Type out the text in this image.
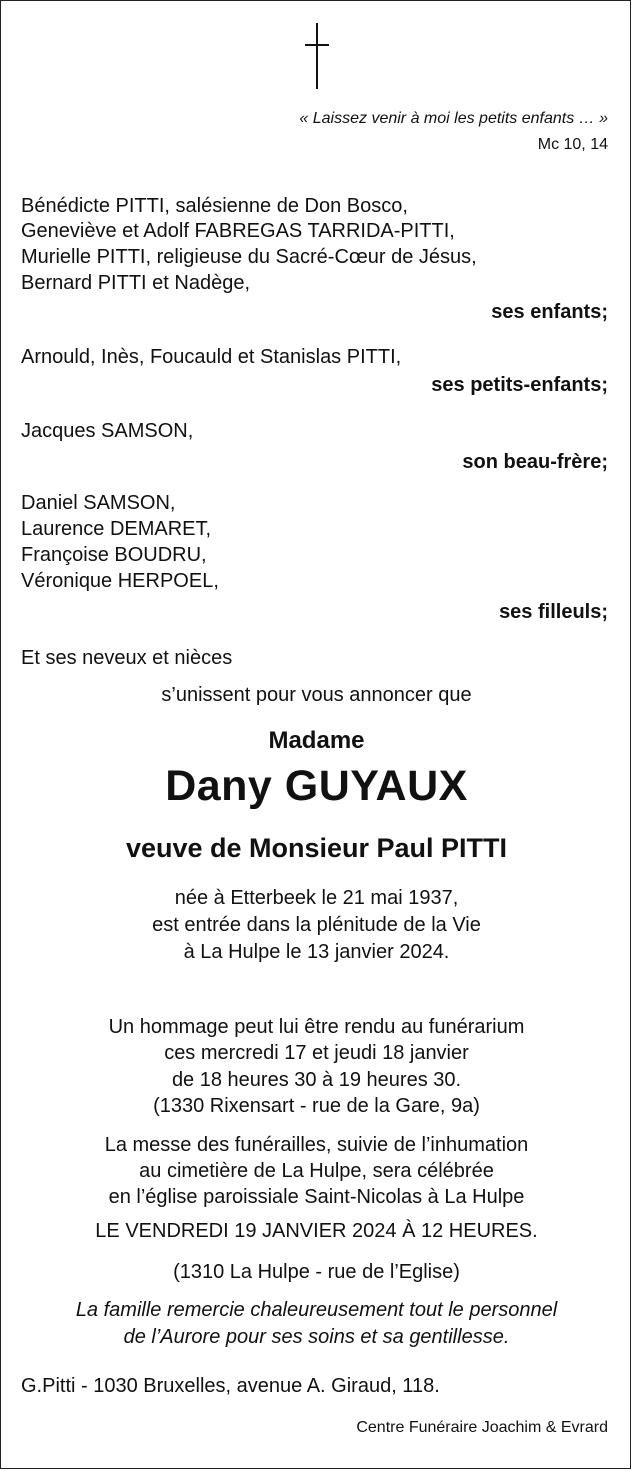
« Laissez venir à moi les petits enfants … »
Mc 10, 14
Bénédicte PITTI, salésienne de Don Bosco,
Geneviève et Adolf FABREGAS TARRIDA-PITTI,
Murielle PITTI, religieuse du Sacré-Cœur de Jésus,
Bernard PITTI et Nadège,
ses enfants;
Arnould, Inès, Foucauld et Stanislas PITTI,
ses petits-enfants;
Jacques SAMSON,
son beau-frère;
Daniel SAMSON,
Laurence DEMARET,
Françoise BOUDRU,
Véronique HERPOEL,
ses filleuls;
Et ses neveux et nièces
s’unissent pour vous annoncer que
Madame
Dany GUYAUX
veuve de Monsieur Paul PITTI
née à Etterbeek le 21 mai 1937,
est entrée dans la plénitude de la Vie
à La Hulpe le 13 janvier 2024.
Un hommage peut lui être rendu au funérarium
ces mercredi 17 et jeudi 18 janvier
de 18 heures 30 à 19 heures 30.
(1330 Rixensart - rue de la Gare, 9a)
La messe des funérailles, suivie de l’inhumation
au cimetière de La Hulpe, sera célébrée
en l’église paroissiale Saint-Nicolas à La Hulpe
LE VENDREDI 19 JANVIER 2024 À 12 HEURES.
(1310 La Hulpe - rue de l’Eglise)
La famille remercie chaleureusement tout le personnel
de l’Aurore pour ses soins et sa gentillesse.
G.Pitti - 1030 Bruxelles, avenue A. Giraud, 118.
Centre Funéraire Joachim & Evrard
